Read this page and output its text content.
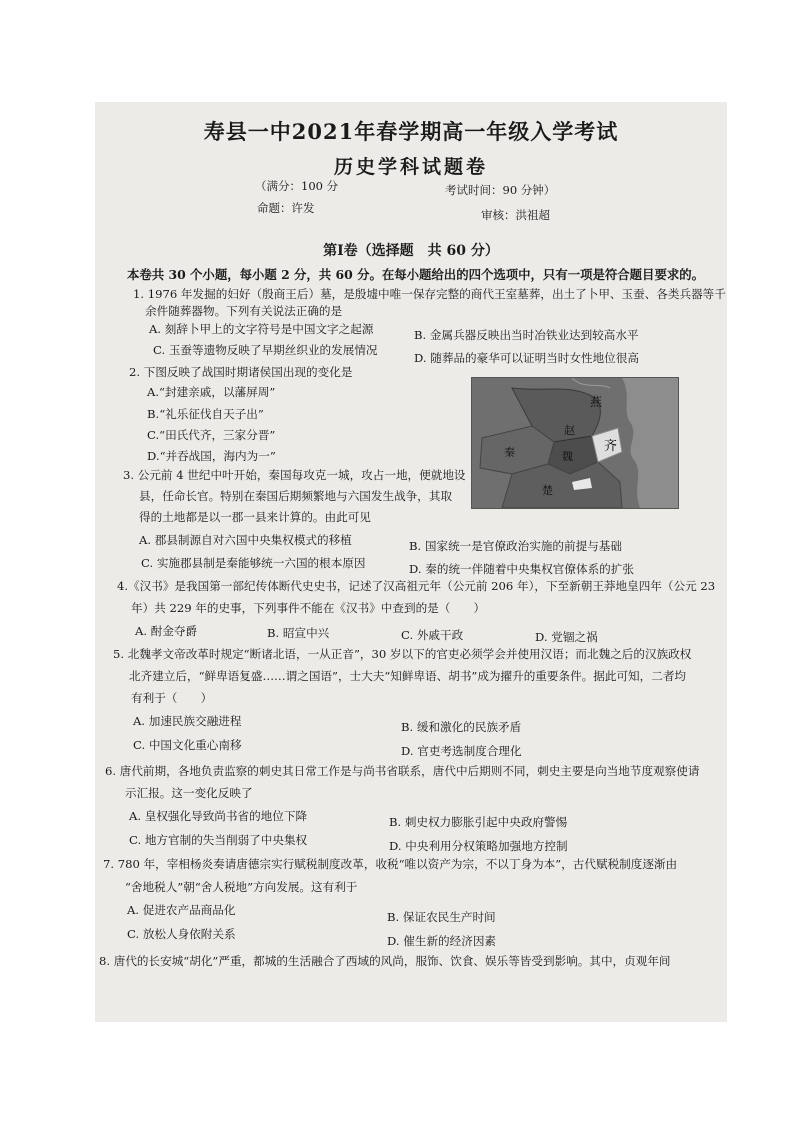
寿县一中2021年春学期高一年级入学考试
历史学科试题卷
（满分：100 分	考试时间：90 分钟）
命题：许发	审核：洪祖超
第Ⅰ卷（选择题　共 60 分）
本卷共 30 个小题，每小题 2 分，共 60 分。在每小题给出的四个选项中，只有一项是符合题目要求的。
1. 1976 年发掘的妇好（殷商王后）墓，是殷墟中唯一保存完整的商代王室墓葬，出土了卜甲、玉蚕、各类兵器等千
余件随葬器物。下列有关说法正确的是
A. 刻辞卜甲上的文字符号是中国文字之起源	B. 金属兵器反映出当时冶铁业达到较高水平
C. 玉蚕等遗物反映了早期丝织业的发展情况
D. 随葬品的豪华可以证明当时女性地位很高
2. 下图反映了战国时期诸侯国出现的变化是
A.“封建亲戚，以藩屏周”
B.“礼乐征伐自天子出”
C.“田氏代齐，三家分晋”
D.“并吞战国，海内为一”
燕
齐
赵
魏
秦
楚
3. 公元前 4 世纪中叶开始，秦国每攻克一城，攻占一地，便就地设
县，任命长官。特别在秦国后期频繁地与六国发生战争，其取
得的土地都是以一郡一县来计算的。由此可见
A. 郡县制源自对六国中央集权模式的移植	B. 国家统一是官僚政治实施的前提与基础
C. 实施郡县制是秦能够统一六国的根本原因	D. 秦的统一伴随着中央集权官僚体系的扩张
4.《汉书》是我国第一部纪传体断代史史书，记述了汉高祖元年（公元前 206 年），下至新朝王莽地皇四年（公元 23
年）共 229 年的史事，下列事件不能在《汉书》中查到的是（　　）
A. 酎金夺爵	B. 昭宣中兴	C. 外戚干政	D. 党锢之祸
5. 北魏孝文帝改革时规定“断诸北语，一从正音”，30 岁以下的官吏必须学会并使用汉语；而北魏之后的汉族政权
北齐建立后，“鲜卑语复盛……谓之国语”，士大夫“知鲜卑语、胡书”成为擢升的重要条件。据此可知，二者均
有利于（　　）
A. 加速民族交融进程	B. 缓和激化的民族矛盾
C. 中国文化重心南移	D. 官吏考选制度合理化
6. 唐代前期，各地负责监察的刺史其日常工作是与尚书省联系，唐代中后期则不同，刺史主要是向当地节度观察使请
示汇报。这一变化反映了
A. 皇权强化导致尚书省的地位下降	B. 刺史权力膨胀引起中央政府警惕
C. 地方官制的失当削弱了中央集权	D. 中央利用分权策略加强地方控制
7. 780 年，宰相杨炎奏请唐德宗实行赋税制度改革，收税“唯以资产为宗，不以丁身为本”，古代赋税制度逐渐由
“舍地税人”朝“舍人税地”方向发展。这有利于
A. 促进农产品商品化	B. 保证农民生产时间
C. 放松人身依附关系	D. 催生新的经济因素
8. 唐代的长安城“胡化”严重，都城的生活融合了西域的风尚，服饰、饮食、娱乐等皆受到影响。其中，贞观年间
